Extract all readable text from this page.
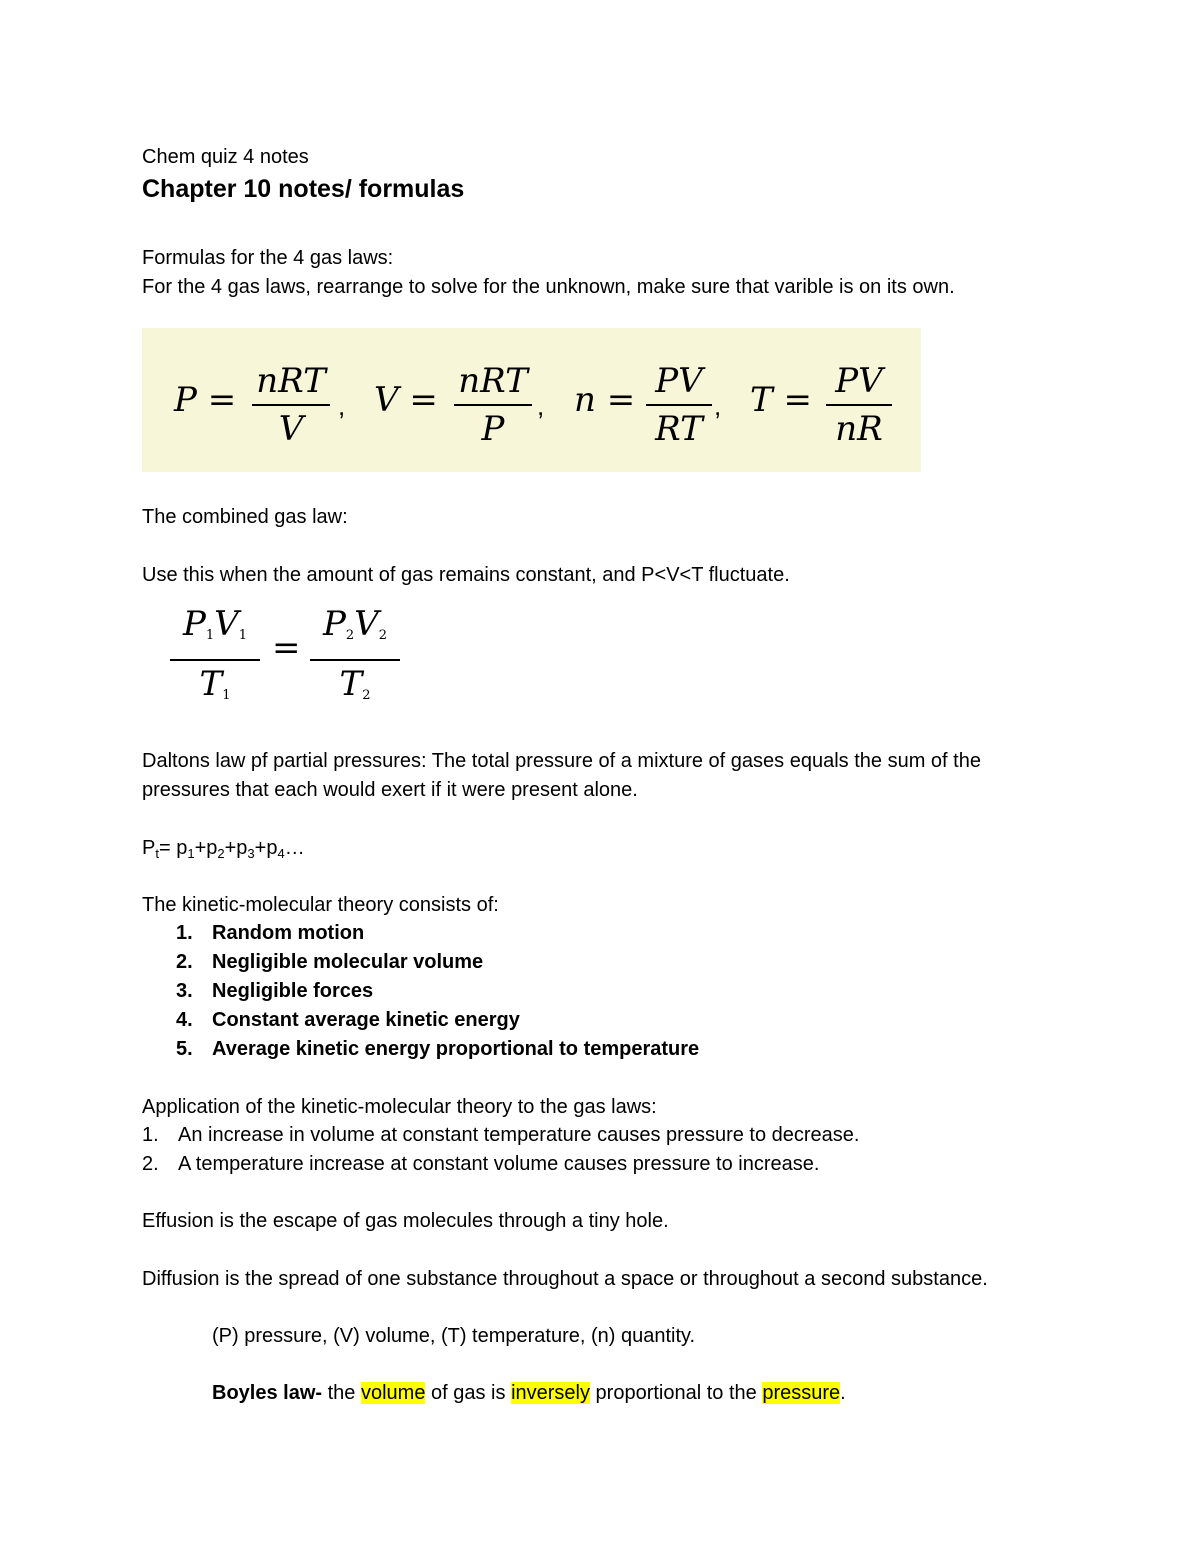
Chem quiz 4 notes
Chapter 10 notes/ formulas
Formulas for the 4 gas laws:
For the 4 gas laws, rearrange to solve for the unknown, make sure that varible is on its own.
P = nRT
V
, V = nRT
P
, n = PV
RT
, T = PV
nR
The combined gas law:
Use this when the amount of gas remains constant, and P<V<T fluctuate.
$P_1V_1$
$T_1$
=
$P_2V_2$
$T_2$
Daltons law pf partial pressures: The total pressure of a mixture of gases equals the sum of the
pressures that each would exert if it were present alone.
$P_t=$ $p_1+p_2+p_3+p_4\dots$
The kinetic-molecular theory consists of:
1. Random motion
2. Negligible molecular volume
3. Negligible forces
4. Constant average kinetic energy
5. Average kinetic energy proportional to temperature
Application of the kinetic-molecular theory to the gas laws:
1. An increase in volume at constant temperature causes pressure to decrease.
2. A temperature increase at constant volume causes pressure to increase.
Effusion is the escape of gas molecules through a tiny hole.
Diffusion is the spread of one substance throughout a space or throughout a second substance.
(P) pressure, (V) volume, (T) temperature, (n) quantity.
Boyles law- the volume of gas is inversely proportional to the pressure.
